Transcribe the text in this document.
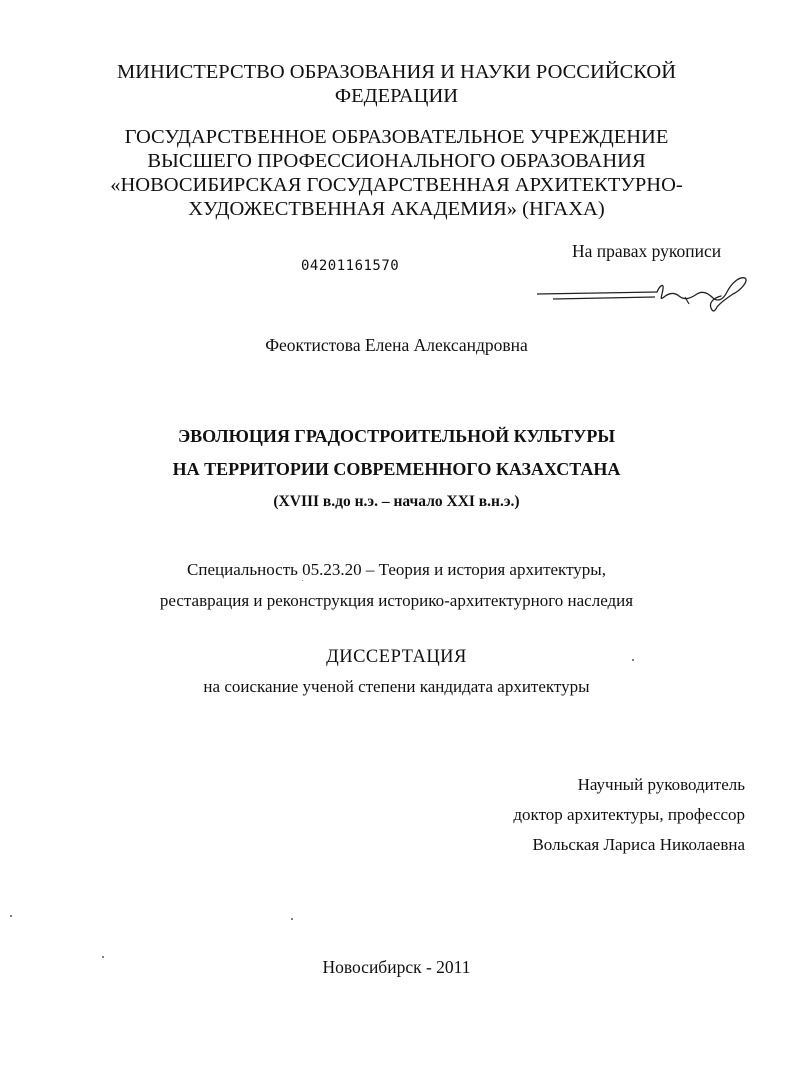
МИНИСТЕРСТВО ОБРАЗОВАНИЯ И НАУКИ РОССИЙСКОЙ
ФЕДЕРАЦИИ
ГОСУДАРСТВЕННОЕ ОБРАЗОВАТЕЛЬНОЕ УЧРЕЖДЕНИЕ
ВЫСШЕГО ПРОФЕССИОНАЛЬНОГО ОБРАЗОВАНИЯ
«НОВОСИБИРСКАЯ ГОСУДАРСТВЕННАЯ АРХИТЕКТУРНО-
ХУДОЖЕСТВЕННАЯ АКАДЕМИЯ» (НГАХА)
04201161570
На правах рукописи
Феоктистова Елена Александровна
ЭВОЛЮЦИЯ ГРАДОСТРОИТЕЛЬНОЙ КУЛЬТУРЫ
НА ТЕРРИТОРИИ СОВРЕМЕННОГО КАЗАХСТАНА
(XVIII в.до н.э. – начало XXI в.н.э.)
Специальность 05.23.20 – Теория и история архитектуры,
реставрация и реконструкция историко-архитектурного наследия
ДИССЕРТАЦИЯ
на соискание ученой степени кандидата архитектуры
Научный руководитель
доктор архитектуры, профессор
Вольская Лариса Николаевна
Новосибирск - 2011
